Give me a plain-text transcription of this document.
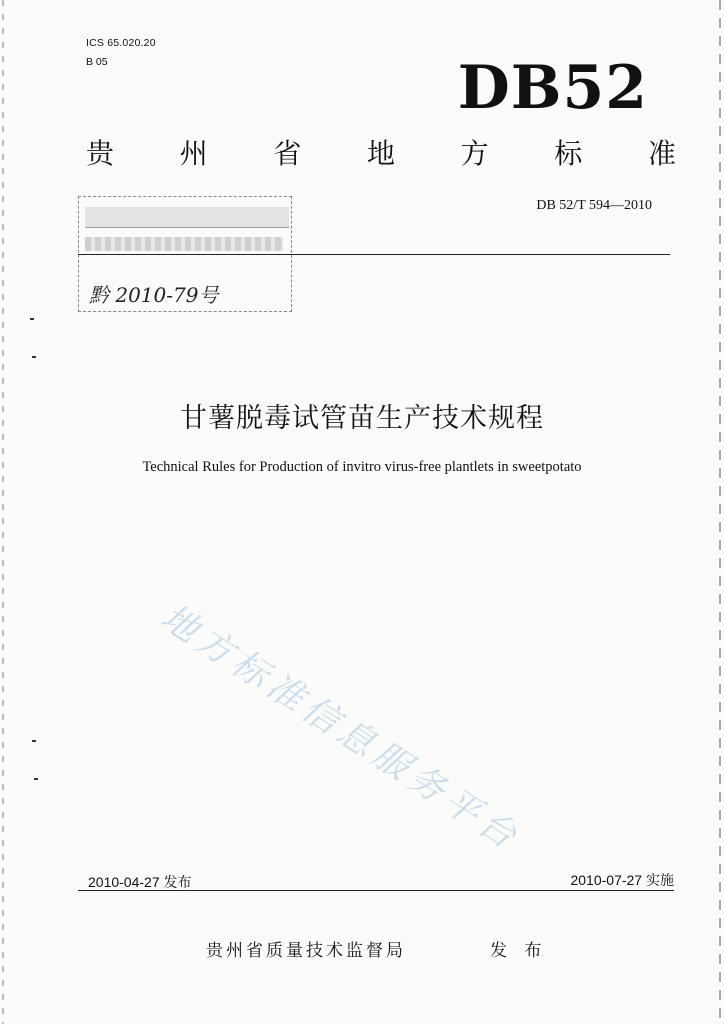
ICS 65.020.20
B 05	DB52
贵 州 省 地 方 标 准
DB 52/T 594—2010
黔 2010-79号
甘薯脱毒试管苗生产技术规程
Technical Rules for Production of invitro virus-free plantlets in sweetpotato
地方标准信息服务平台
2010-04-27 发布	2010-07-27 实施
贵州省质量技术监督局	发 布
